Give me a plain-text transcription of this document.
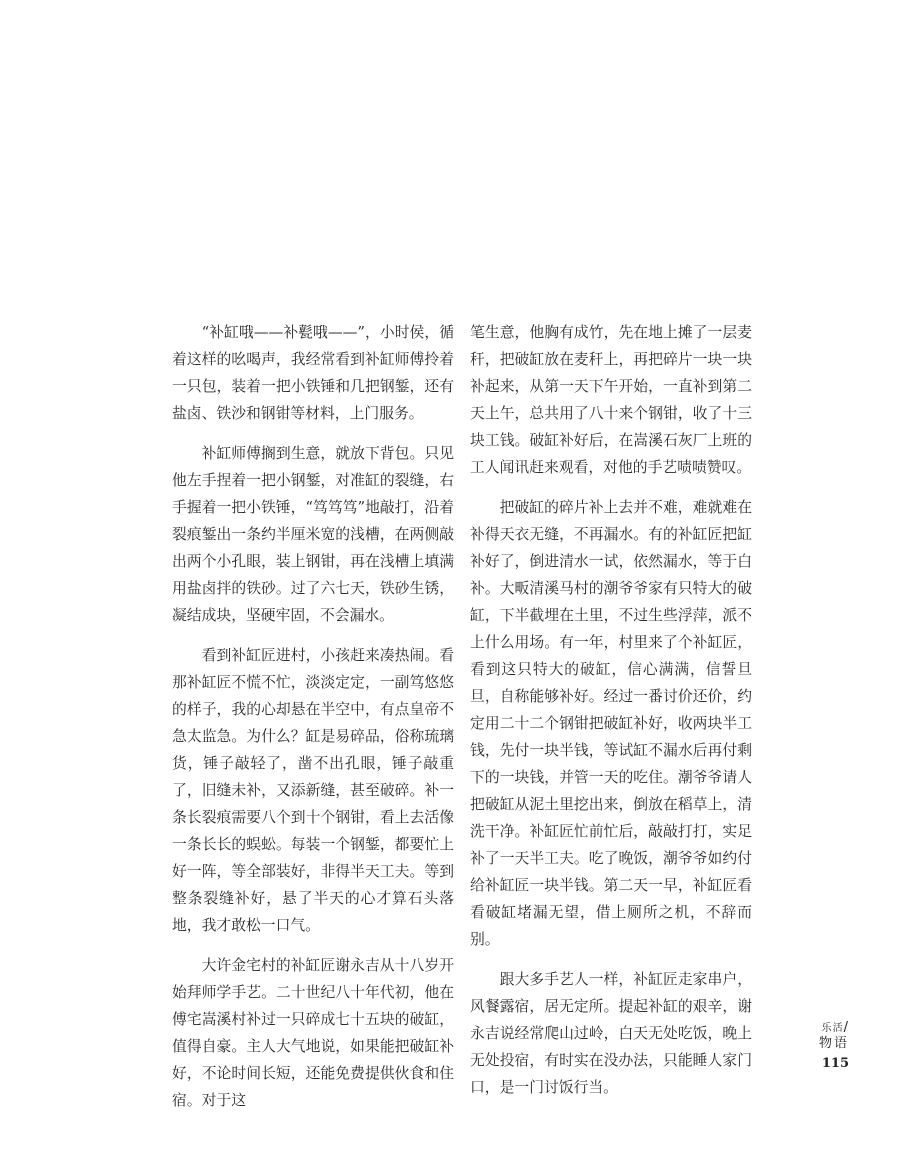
“补缸哦——补甏哦——”，小时侯，循着这样的吆喝声，我经常看到补缸师傅拎着一只包，装着一把小铁锤和几把钢錾，还有盐卤、铁沙和钢钳等材料，上门服务。

补缸师傅搁到生意，就放下背包。只见他左手捏着一把小钢錾，对准缸的裂缝，右手握着一把小铁锤，“笃笃笃”地敲打，沿着裂痕錾出一条约半厘米宽的浅槽，在两侧敲出两个小孔眼，装上钢钳，再在浅槽上填满用盐卤拌的铁砂。过了六七天，铁砂生锈，凝结成块，坚硬牢固，不会漏水。

看到补缸匠进村，小孩赶来凑热闹。看那补缸匠不慌不忙，淡淡定定，一副笃悠悠的样子，我的心却悬在半空中，有点皇帝不急太监急。为什么？缸是易碎品，俗称琉璃货，锤子敲轻了，凿不出孔眼，锤子敲重了，旧缝未补，又添新缝，甚至破碎。补一条长裂痕需要八个到十个钢钳，看上去活像一条长长的蜈蚣。每装一个钢錾，都要忙上好一阵，等全部装好，非得半天工夫。等到整条裂缝补好，悬了半天的心才算石头落地，我才敢松一口气。

大许金宅村的补缸匠谢永吉从十八岁开始拜师学手艺。二十世纪八十年代初，他在傅宅嵩溪村补过一只碎成七十五块的破缸，值得自豪。主人大气地说，如果能把破缸补好，不论时间长短，还能免费提供伙食和住宿。对于这

笔生意，他胸有成竹，先在地上摊了一层麦秆，把破缸放在麦秆上，再把碎片一块一块补起来，从第一天下午开始，一直补到第二天上午，总共用了八十来个钢钳，收了十三块工钱。破缸补好后，在嵩溪石灰厂上班的工人闻讯赶来观看，对他的手艺啧啧赞叹。

把破缸的碎片补上去并不难，难就难在补得天衣无缝，不再漏水。有的补缸匠把缸补好了，倒进清水一试，依然漏水，等于白补。大畈清溪马村的潮爷爷家有只特大的破缸，下半截埋在土里，不过生些浮萍，派不上什么用场。有一年，村里来了个补缸匠，看到这只特大的破缸，信心满满，信誓旦旦，自称能够补好。经过一番讨价还价，约定用二十二个钢钳把破缸补好，收两块半工钱，先付一块半钱，等试缸不漏水后再付剩下的一块钱，并管一天的吃住。潮爷爷请人把破缸从泥土里挖出来，倒放在稻草上，清洗干净。补缸匠忙前忙后，敲敲打打，实足补了一天半工夫。吃了晚饭，潮爷爷如约付给补缸匠一块半钱。第二天一早，补缸匠看看破缸堵漏无望，借上厕所之机，不辞而别。

跟大多手艺人一样，补缸匠走家串户，风餐露宿，居无定所。提起补缸的艰辛，谢永吉说经常爬山过岭，白天无处吃饭，晚上无处投宿，有时实在没办法，只能睡人家门口，是一门讨饭行当。

乐活/
物语
115
